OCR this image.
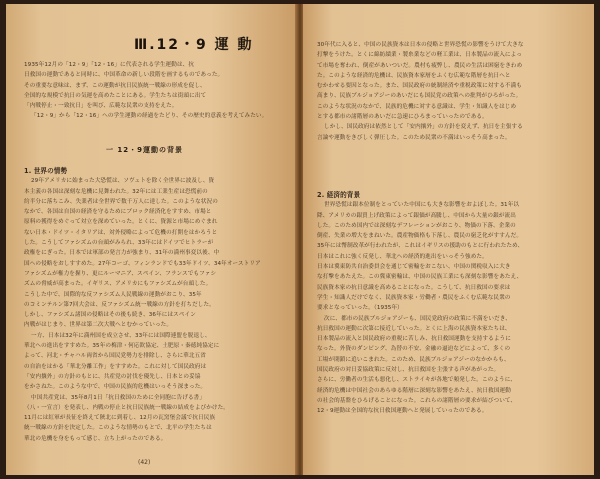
Ⅲ.12・9 運 動
1935年12月の「12・9」「12・16」に代表される学生運動は、抗
日救国の運動であると同時に、中国革命の新しい段階を画するものであった。
その重要な意味は、まず、この運動が抗日民族統一戦線の形成を促し、
全国的な規模で抗日の気運を高めたことにある。学生たちは街頭に出て
「内戦停止・一致抗日」を叫び、広範な民衆の支持をえた。
「12・9」から「12・16」への学生運動の経過をたどり、その歴史的意義を考えてみたい。
一 12・9運動の背景
1. 世界の情勢
29年アメリカに始まった大恐慌は、ソヴェトを除く全世界に波及し、資
本主義の各国は深刻な危機に見舞われた。32年には工業生産は恐慌前の
約半分に落ちこみ、失業者は全世界で数千万人に達した。このような状況の
なかで、各国は自国の経済を守るためにブロック経済化をすすめ、市場と
原料の獲得をめぐって対立を深めていった。とくに、資源と市場にめぐまれ
ない日本・ドイツ・イタリアは、対外侵略によって危機の打開をはかろうと
した。こうしてファシズムの台頭がみられ、33年にはドイツでヒトラーが
政権をにぎった。日本では軍部の発言力が強まり、31年の満州事変以後、中
国への侵略をおしすすめた。27年コーゴ、フィンランドでも33年ドイツ、34年オーストリア
ファシズムが権力を握り、更にルーマニア、スペイン、フランスでもファシ
ズムの脅威が高まった。イギリス、アメリカにもファシズムが台頭した。
こうした中で、国際的な反ファシズム人民戦線の運動がおこり、35年
のコミンテルン第7回大会は、反ファシズム統一戦線の方針を打ちだした。
しかし、ファシズム諸国の侵略はその後も続き、36年にはスペイン
内戦がはじまり、世界は第二次大戦へとむかっていった。
一方、日本は32年に満州国を成立させ、33年には国際連盟を脱退し、
華北への進出をすすめた。35年の梅津・何応欽協定、土肥原・秦徳純協定に
よって、河北・チャハル両省から国民党勢力を排除し、さらに華北五省
の自治をはかる「華北分離工作」をすすめた。これに対して国民政府は
「安内攘外」の方針のもとに、共産党の討伐を優先し、日本との妥協
をかさねた。このような中で、中国の民族的危機はいっそう深まった。
中国共産党は、35年8月1日「抗日救国のために全同胞に告げる書」
（八・一宣言）を発表し、内戦の停止と抗日民族統一戦線の結成をよびかけた。
11月には紅軍が長征を終えて陝北に到着し、12月の瓦窯堡会議で抗日民族
統一戦線の方針を決定した。このような情勢のもとで、北平の学生たちは
華北の危機を身をもって感じ、立ち上がったのである。
(42)
30年代に入ると、中国の民族資本は日本の侵略と世界恐慌の影響をうけて大きな
打撃をうけた。とくに綿紡績業・製糸業などの軽工業は、日本製品の流入によっ
て市場を奪われ、倒産があいついだ。農村も疲弊し、農民の生活は困窮をきわめ
た。このような経済的危機は、民族資本家層をふくむ広範な階層を抗日へと
むかわせる要因となった。また、国民政府の統制経済や重税政策に対する不満も
高まり、民族ブルジョアジーのあいだにも国民党の政策への批判がひろがった。
このような状況のなかで、民族的危機に対する意識は、学生・知識人をはじめ
とする都市の諸階層のあいだに急速にひろまっていったのである。
しかし、国民政府は依然として「安内攘外」の方針を変えず、抗日を主張する
言論や運動をきびしく弾圧した。このため民衆の不満はいっそう高まった。
2. 経済的背景
世界恐慌は銀本位制をとっていた中国にも大きな影響をおよぼした。31年以
降、アメリカの銀買上げ政策によって銀価が高騰し、中国から大量の銀が流出
した。このため国内では深刻なデフレーションがおこり、物価の下落、企業の
倒産、失業の増大をまねいた。農産物価格も下落し、農民の窮乏化がすすんだ。
35年には幣制改革が行われたが、これはイギリスの援助のもとに行われたため、
日本はこれに強く反発し、華北への経済的進出をいっそう強めた。
日本は冀東防共自治委員会を通じて密輸をおこない、中国の関税収入に大き
な打撃をあたえた。この冀東密輸は、中国の民族工業にも深刻な影響をあたえ、
民族資本家の抗日意識を高めることになった。こうして、抗日救国の要求は
学生・知識人だけでなく、民族資本家・労働者・農民をふくむ広範な民衆の
要求となっていった。（1935年）
次に、都市の民族ブルジョアジーも、国民党政府の政策に不満をいだき、
抗日救国の運動に次第に接近していった。とくに上海の民族資本家たちは、
日本製品の流入と国民政府の重税に苦しみ、抗日救国運動を支持するように
なった。外資のダンピング、為替の不安、金融の逼迫などによって、多くの
工場が閉鎖に追いこまれた。このため、民族ブルジョアジーのなかからも、
国民政府の対日妥協政策に反対し、抗日救国を主張する声があがった。
さらに、労働者の生活も悪化し、ストライキが各地で頻発した。このように、
経済的危機は中国社会のあらゆる階層に深刻な影響をあたえ、抗日救国運動
の社会的基盤をひろげることになった。これらの諸階層の要求が結びついて、
12・9運動は全国的な抗日救国運動へと発展していったのである。
